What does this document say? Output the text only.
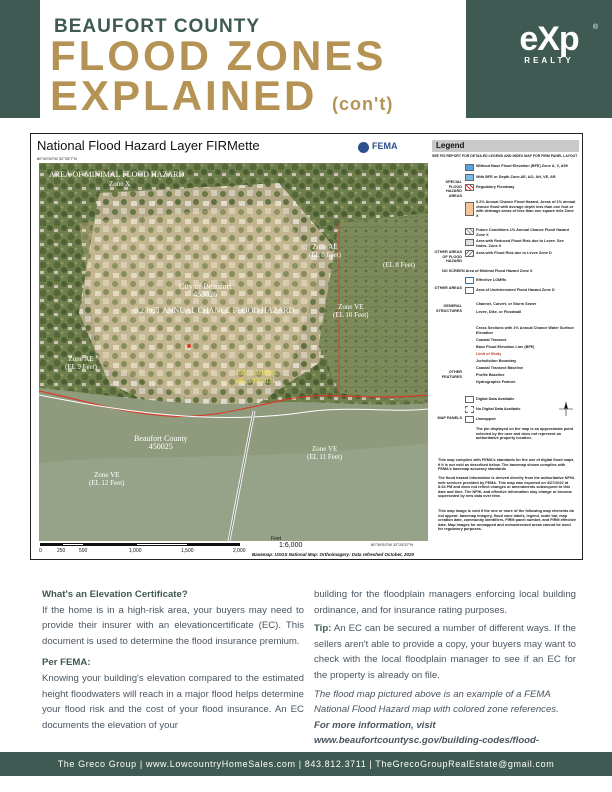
eXp
REALTY
®
BEAUFORT COUNTY
FLOOD ZONES
EXPLAINED (con't)
National Flood Hazard Layer FIRMette	FEMA
80°40'30"W 32°26'7"N
80°39'53"W 32°25'37"N
AREA OF MINIMAL FLOOD HAZARD
Zone X
Zone AE
(EL 8 Feet)
(EL 8 Feet)
City of Beaufort
450026
0.2 PCT ANNUAL CHANCE FLOOD HAZARD	Zone VE
(EL 10 Feet)
Zone AE
(EL 9 Feet)
45013C0166G
eff. 3/23/2021
Beaufort County
450025	Zone VE
(EL 11 Feet)
Zone VE
(EL 12 Feet)
0	250	500	1,000	1,500	2,000
Feet
1:6,000
Basemap: USGS National Map: Orthoimagery: Data refreshed October, 2020
Legend
SEE FIS REPORT FOR DETAILED LEGEND AND INDEX MAP FOR FIRM PANEL LAYOUT
SPECIAL FLOOD HAZARD AREAS
Without Base Flood Elevation (BFE) Zone A, V, A99
With BFE or Depth Zone AE, AO, AH, VE, AR
Regulatory Floodway
OTHER AREAS OF FLOOD HAZARD
0.2% Annual Chance Flood Hazard, Areas of 1% annual chance flood with average depth less than one foot or with drainage areas of less than one square mile Zone X
Future Conditions 1% Annual Chance Flood Hazard Zone X
Area with Reduced Flood Risk due to Levee. See Notes. Zone X
Area with Flood Risk due to Levee Zone D
OTHER AREAS
NO SCREEN Area of Minimal Flood Hazard Zone X
Effective LOMRs
Area of Undetermined Flood Hazard Zone D
GENERAL STRUCTURES
Channel, Culvert, or Storm Sewer
Levee, Dike, or Floodwall
OTHER FEATURES
Cross Sections with 1% Annual Chance Water Surface Elevation
Coastal Transect
Base Flood Elevation Line (BFE)
Limit of Study
Jurisdiction Boundary
Coastal Transect Baseline
Profile Baseline
Hydrographic Feature
MAP PANELS
Digital Data Available
No Digital Data Available
Unmapped
The pin displayed on the map is an approximate point selected by the user and does not represent an authoritative property location.
This map complies with FEMA's standards for the use of digital flood maps if it is not void as described below. The basemap shown complies with FEMA's basemap accuracy standards
The flood hazard information is derived directly from the authoritative NFHL web services provided by FEMA. This map was exported on 4/27/2022 at 8:34 PM and does not reflect changes or amendments subsequent to this date and time. The NFHL and effective information may change or become superseded by new data over time.
This map image is void if the one or more of the following map elements do not appear: basemap imagery, flood zone labels, legend, scale bar, map creation date, community identifiers, FIRM panel number, and FIRM effective date. Map images for unmapped and unmodernized areas cannot be used for regulatory purposes.
What's an Elevation Certificate?
If the home is in a high-risk area, your buyers may need to provide their insurer with an elevationcertificate (EC). This document is used to determine the flood insurance premium.
Per FEMA:
Knowing your building's elevation compared to the estimated height floodwaters will reach in a major flood helps determine your flood risk and the cost of your flood insurance. An EC documents the elevation of your
building for the floodplain managers enforcing local building ordinance, and for insurance rating purposes.
Tip: An EC can be secured a number of different ways. If the sellers aren't able to provide a copy, your buyers may want to check with the local floodplain manager to see if an EC for the property is already on file.
The flood map pictured above is an example of a FEMA National Flood Hazard map with colored zone references.
For more information, visit www.beaufortcountysc.gov/building-codes/flood-
The Greco Group | www.LowcountryHomeSales.com | 843.812.3711 | TheGrecoGroupRealEstate@gmail.com
